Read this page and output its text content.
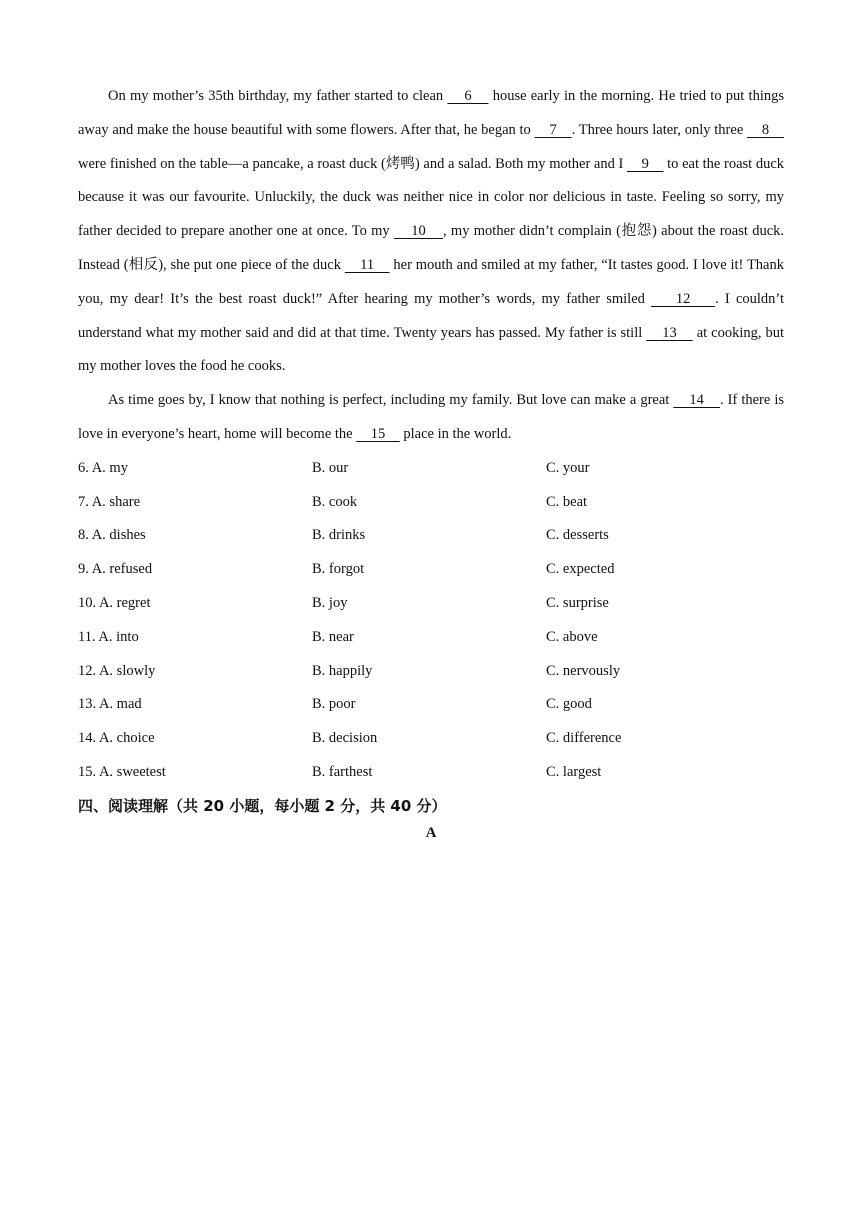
On my mother’s 35th birthday, my father started to clean     6     house early in the morning. He tried to put things away and make the house beautiful with some flowers. After that, he began to     7    . Three hours later, only three     8     were finished on the table—a pancake, a roast duck (烤鸭) and a salad. Both my mother and I     9     to eat the roast duck because it was our favourite. Unluckily, the duck was neither nice in color nor delicious in taste. Feeling so sorry, my father decided to prepare another one at once. To my     10    , my mother didn’t complain (抱怨) about the roast duck. Instead (相反), she put one piece of the duck     11     her mouth and smiled at my father, “It tastes good. I love it! Thank you, my dear! It’s the best roast duck!” After hearing my mother’s words, my father smiled     12    . I couldn’t understand what my mother said and did at that time. Twenty years has passed. My father is still     13     at cooking, but my mother loves the food he cooks.

As time goes by, I know that nothing is perfect, including my family. But love can make a great     14    . If there is love in everyone’s heart, home will become the     15     place in the world.

6. A. my	B. our	C. your
7. A. share	B. cook	C. beat
8. A. dishes	B. drinks	C. desserts
9. A. refused	B. forgot	C. expected
10. A. regret	B. joy	C. surprise
11. A. into	B. near	C. above
12. A. slowly	B. happily	C. nervously
13. A. mad	B. poor	C. good
14. A. choice	B. decision	C. difference
15. A. sweetest	B. farthest	C. largest
四、阅读理解（共 20 小题，每小题 2 分，共 40 分）
A
